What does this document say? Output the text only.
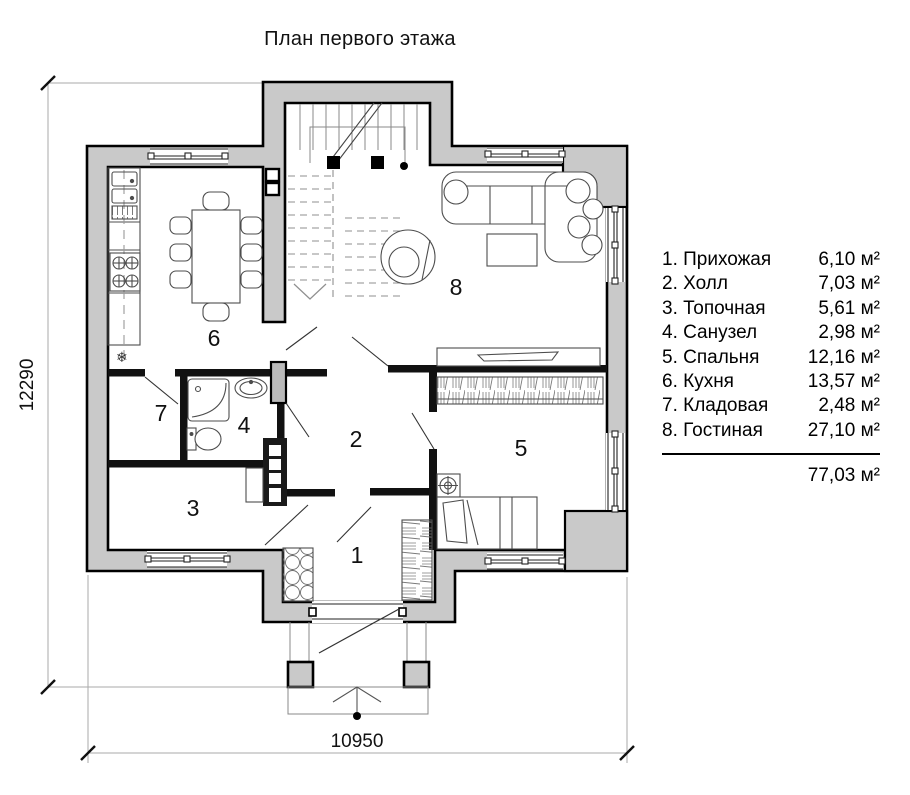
12290
10950
❄
1
2
3
4
5
6
7
8
План первого этажа
1. Прихожая 6,10 м²
2. Холл	7,03 м²
3. Топочная	5,61 м²
4. Санузел	2,98 м²
5. Спальня	12,16 м²
6. Кухня	13,57 м²
7. Кладовая	2,48 м²
8. Гостиная 27,10 м²
77,03 м²
